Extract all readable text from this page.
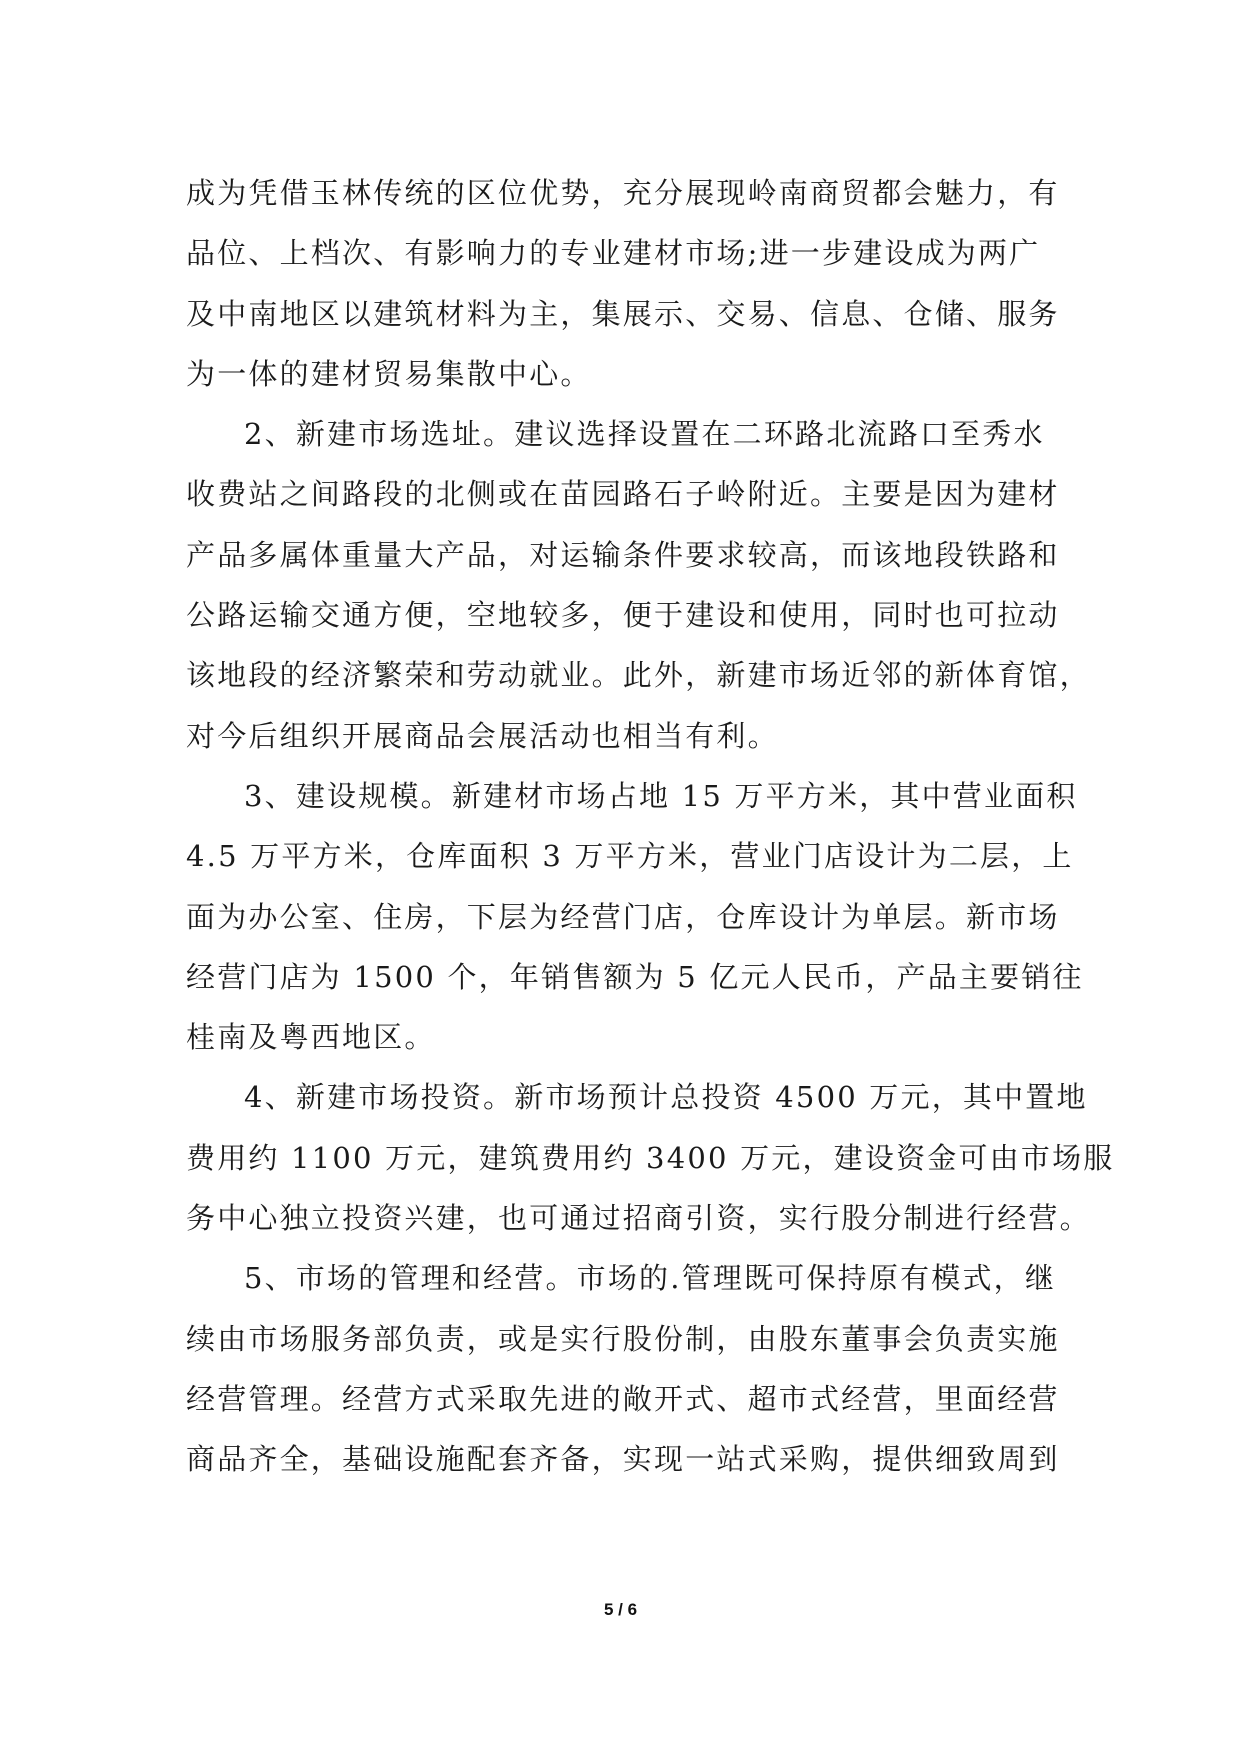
成为凭借玉林传统的区位优势，充分展现岭南商贸都会魅力，有
品位、上档次、有影响力的专业建材市场;进一步建设成为两广
及中南地区以建筑材料为主，集展示、交易、信息、仓储、服务
为一体的建材贸易集散中心。
2、新建市场选址。建议选择设置在二环路北流路口至秀水
收费站之间路段的北侧或在苗园路石子岭附近。主要是因为建材
产品多属体重量大产品，对运输条件要求较高，而该地段铁路和
公路运输交通方便，空地较多，便于建设和使用，同时也可拉动
该地段的经济繁荣和劳动就业。此外，新建市场近邻的新体育馆，
对今后组织开展商品会展活动也相当有利。
3、建设规模。新建材市场占地 15 万平方米，其中营业面积
4.5 万平方米，仓库面积 3 万平方米，营业门店设计为二层，上
面为办公室、住房，下层为经营门店，仓库设计为单层。新市场
经营门店为 1500 个，年销售额为 5 亿元人民币，产品主要销往
桂南及粤西地区。
4、新建市场投资。新市场预计总投资 4500 万元，其中置地
费用约 1100 万元，建筑费用约 3400 万元，建设资金可由市场服
务中心独立投资兴建，也可通过招商引资，实行股分制进行经营。
5、市场的管理和经营。市场的.管理既可保持原有模式，继
续由市场服务部负责，或是实行股份制，由股东董事会负责实施
经营管理。经营方式采取先进的敞开式、超市式经营，里面经营
商品齐全，基础设施配套齐备，实现一站式采购，提供细致周到
5 / 6
